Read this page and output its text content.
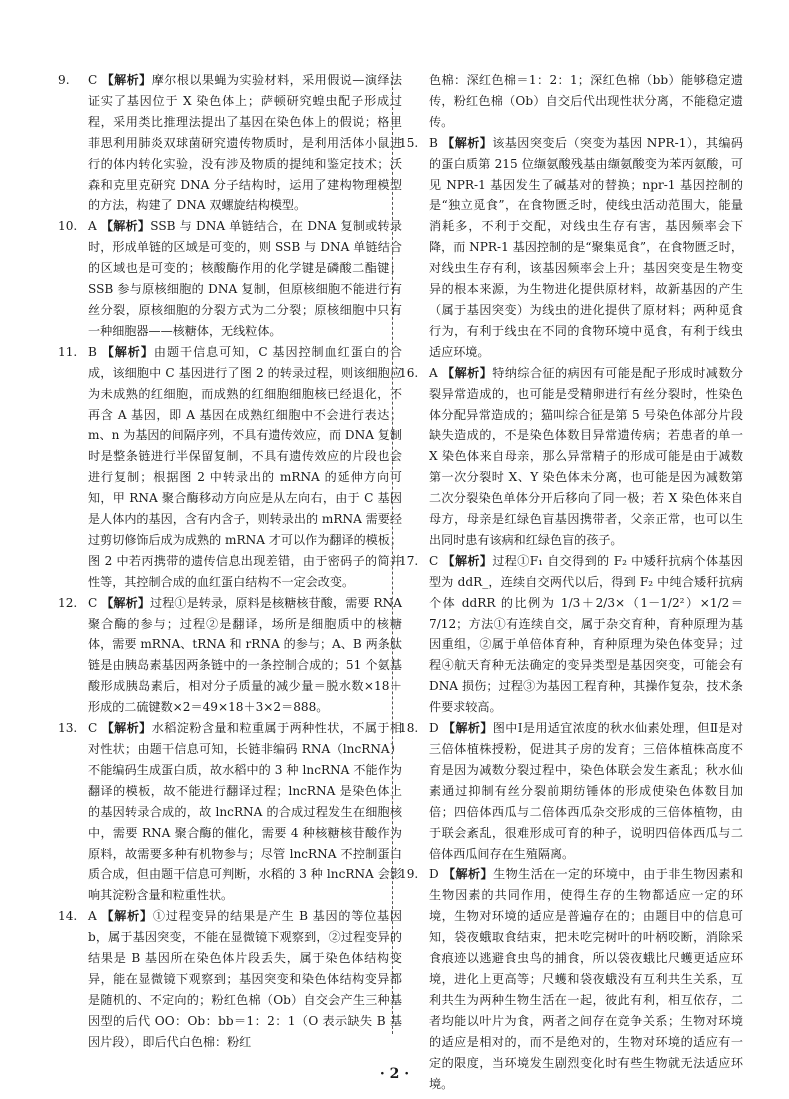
9. C 【解析】摩尔根以果蝇为实验材料，采用假说—演绎法证实了基因位于 X 染色体上；萨顿研究蝗虫配子形成过程，采用类比推理法提出了基因在染色体上的假说；格里菲思利用肺炎双球菌研究遗传物质时，是利用活体小鼠进行的体内转化实验，没有涉及物质的提纯和鉴定技术；沃森和克里克研究 DNA 分子结构时，运用了建构物理模型的方法，构建了 DNA 双螺旋结构模型。
10. A 【解析】SSB 与 DNA 单链结合，在 DNA 复制或转录时，形成单链的区域是可变的，则 SSB 与 DNA 单链结合的区域也是可变的；核酸酶作用的化学键是磷酸二酯键；SSB 参与原核细胞的 DNA 复制，但原核细胞不能进行有丝分裂，原核细胞的分裂方式为二分裂；原核细胞中只有一种细胞器——核糖体，无线粒体。
11. B 【解析】由题干信息可知，C 基因控制血红蛋白的合成，该细胞中 C 基因进行了图 2 的转录过程，则该细胞应为未成熟的红细胞，而成熟的红细胞细胞核已经退化，不再含 A 基因，即 A 基因在成熟红细胞中不会进行表达；m、n 为基因的间隔序列，不具有遗传效应，而 DNA 复制时是整条链进行半保留复制，不具有遗传效应的片段也会进行复制；根据图 2 中转录出的 mRNA 的延伸方向可知，甲 RNA 聚合酶移动方向应是从左向右，由于 C 基因是人体内的基因，含有内含子，则转录出的 mRNA 需要经过剪切修饰后成为成熟的 mRNA 才可以作为翻译的模板；图 2 中若丙携带的遗传信息出现差错，由于密码子的简并性等，其控制合成的血红蛋白结构不一定会改变。
12. C 【解析】过程①是转录，原料是核糖核苷酸，需要 RNA 聚合酶的参与；过程②是翻译，场所是细胞质中的核糖体，需要 mRNA、tRNA 和 rRNA 的参与；A、B 两条肽链是由胰岛素基因两条链中的一条控制合成的；51 个氨基酸形成胰岛素后，相对分子质量的减少量＝脱水数×18＋形成的二硫键数×2＝49×18＋3×2＝888。
13. C 【解析】水稻淀粉含量和粒重属于两种性状，不属于相对性状；由题干信息可知，长链非编码 RNA（lncRNA）不能编码生成蛋白质，故水稻中的 3 种 lncRNA 不能作为翻译的模板，故不能进行翻译过程；lncRNA 是染色体上的基因转录合成的，故 lncRNA 的合成过程发生在细胞核中，需要 RNA 聚合酶的催化，需要 4 种核糖核苷酸作为原料，故需要多种有机物参与；尽管 lncRNA 不控制蛋白质合成，但由题干信息可判断，水稻的 3 种 lncRNA 会影响其淀粉含量和粒重性状。
14. A 【解析】①过程变异的结果是产生 B 基因的等位基因 b，属于基因突变，不能在显微镜下观察到，②过程变异的结果是 B 基因所在染色体片段丢失，属于染色体结构变异，能在显微镜下观察到；基因突变和染色体结构变异都是随机的、不定向的；粉红色棉（Ob）自交会产生三种基因型的后代 OO：Ob：bb＝1：2：1（O 表示缺失 B 基因片段），即后代白色棉：粉红
色棉：深红色棉＝1：2：1；深红色棉（bb）能够稳定遗传，粉红色棉（Ob）自交后代出现性状分离，不能稳定遗传。
15. B 【解析】该基因突变后（突变为基因 NPR-1），其编码的蛋白质第 215 位缬氨酸残基由缬氨酸变为苯丙氨酸，可见 NPR-1 基因发生了碱基对的替换；npr-1 基因控制的是“独立觅食”，在食物匮乏时，使线虫活动范围大，能量消耗多，不利于交配，对线虫生存有害，基因频率会下降，而 NPR-1 基因控制的是“聚集觅食”，在食物匮乏时，对线虫生存有利，该基因频率会上升；基因突变是生物变异的根本来源，为生物进化提供原材料，故新基因的产生（属于基因突变）为线虫的进化提供了原材料；两种觅食行为，有利于线虫在不同的食物环境中觅食，有利于线虫适应环境。
16. A 【解析】特纳综合征的病因有可能是配子形成时减数分裂异常造成的，也可能是受精卵进行有丝分裂时，性染色体分配异常造成的；猫叫综合征是第 5 号染色体部分片段缺失造成的，不是染色体数目异常遗传病；若患者的单一 X 染色体来自母亲，那么异常精子的形成可能是由于减数第一次分裂时 X、Y 染色体未分离，也可能是因为减数第二次分裂染色单体分开后移向了同一极；若 X 染色体来自母方，母亲是红绿色盲基因携带者，父亲正常，也可以生出同时患有该病和红绿色盲的孩子。
17. C 【解析】过程①F₁ 自交得到的 F₂ 中矮秆抗病个体基因型为 ddR_，连续自交两代以后，得到 F₂ 中纯合矮秆抗病个体 ddRR 的比例为 1/3＋2/3×（1－1/2²）×1/2＝7/12；方法①有连续自交，属于杂交育种，育种原理为基因重组，②属于单倍体育种，育种原理为染色体变异；过程④航天育种无法确定的变异类型是基因突变，可能会有 DNA 损伤；过程③为基因工程育种，其操作复杂，技术条件要求较高。
18. D 【解析】图中Ⅰ是用适宜浓度的秋水仙素处理，但Ⅱ是对三倍体植株授粉，促进其子房的发育；三倍体植株高度不育是因为减数分裂过程中，染色体联会发生紊乱；秋水仙素通过抑制有丝分裂前期纺锤体的形成使染色体数目加倍；四倍体西瓜与二倍体西瓜杂交形成的三倍体植物，由于联会紊乱，很难形成可育的种子，说明四倍体西瓜与二倍体西瓜间存在生殖隔离。
19. D 【解析】生物生活在一定的环境中，由于非生物因素和生物因素的共同作用，使得生存的生物都适应一定的环境，生物对环境的适应是普遍存在的；由题目中的信息可知，袋夜蛾取食结束，把未吃完树叶的叶柄咬断，消除采食痕迹以逃避食虫鸟的捕食，所以袋夜蛾比尺蠖更适应环境，进化上更高等；尺蠖和袋夜蛾没有互利共生关系，互利共生为两种生物生活在一起，彼此有利，相互依存，二者均能以叶片为食，两者之间存在竞争关系；生物对环境的适应是相对的，而不是绝对的，生物对环境的适应有一定的限度，当环境发生剧烈变化时有些生物就无法适应环境。
· 2 ·
